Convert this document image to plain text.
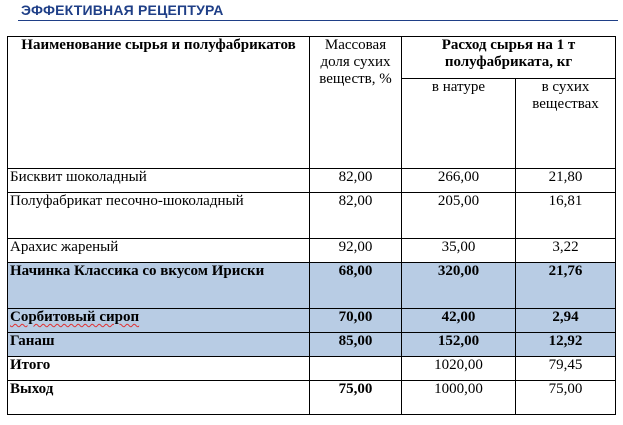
ЭФФЕКТИВНАЯ РЕЦЕПТУРА
Наименование сырья и полуфабрикатов	Массовая доля сухих веществ, %	Расход сырья на 1 т полуфабриката, кг	
		в натуре	в сухих веществах
Бисквит шоколадный	82,00	266,00	21,80
Полуфабрикат песочно-шоколадный	82,00	205,00	16,81
Арахис жареный	92,00	35,00	3,22
Начинка Классика со вкусом Ириски	68,00	320,00	21,76
Сорбитовый сироп	70,00	42,00	2,94
Ганаш	85,00	152,00	12,92
Итого		1020,00	79,45
Выход	75,00	1000,00	75,00
